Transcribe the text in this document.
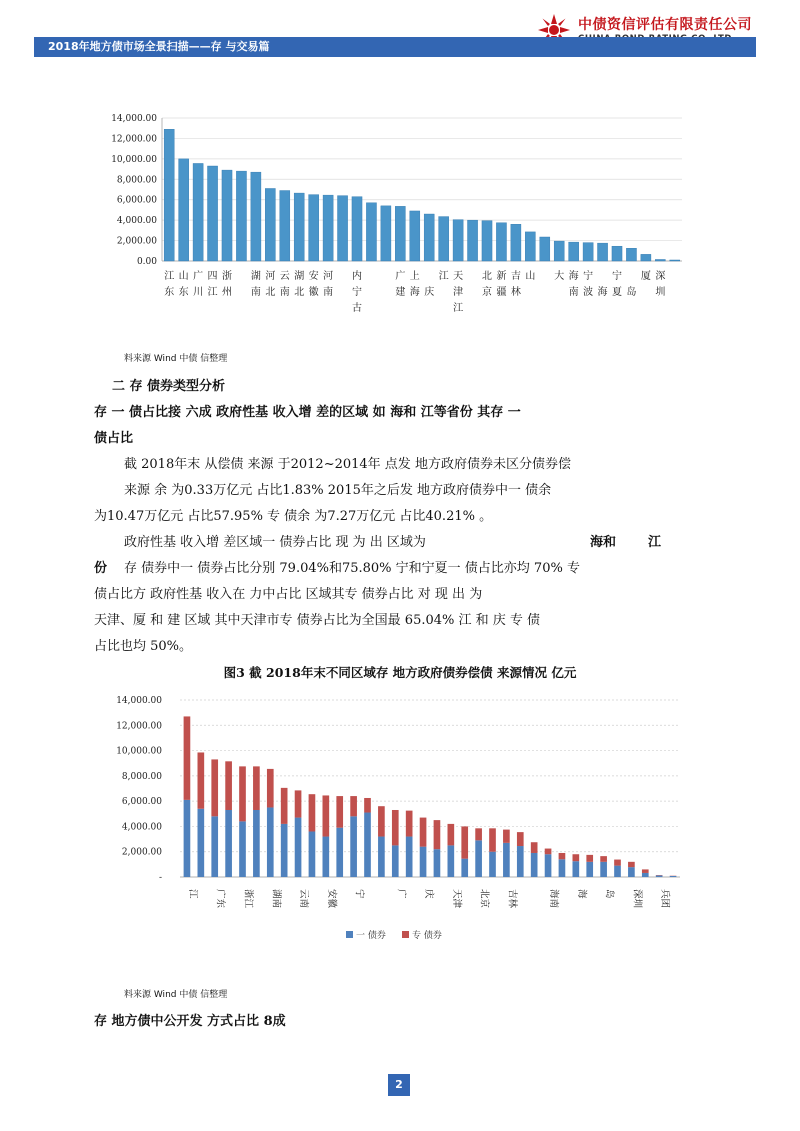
中债资信评估有限责任公司
2018年地方债市场全景扫描——存 与交易篇
0.00
2,000.00
4,000.00
6,000.00
8,000.00
10,000.00
12,000.00
14,000.00
江
东
山
东
广
川
四
江
浙
州
湖
南
河
北
云
南
湖
北
安
徽
河
南
内
宁
广 上
海 庆
江 天
津
北
京
新 吉 山 大 海
南
宁
波 海
宁
夏 岛
厦 深
圳
古	江
建	疆 林
料来源 Wind 中债 信整理
二 存 债券类型分析
存 一 债占比接 六成 政府性基 收入增 差的区域 如 海和 江等省份 其存 一
债占比
截 2018年末 从偿债 来源 于2012~2014年 点发 地方政府债券未区分债券偿
来源 余 为0.33万亿元 占比1.83% 2015年之后发 地方政府债券中一 债余
为10.47万亿元 占比57.95% 专 债余 为7.27万亿元 占比40.21% 。
政府性基 收入增 差区域一 债券占比 现 为 出 区域为	海和 江
份 存 债券中一 债券占比分别 79.04%和75.80% 宁和宁夏一 债占比亦均 70% 专
债占比方 政府性基 收入在 力中占比 区域其专 债券占比 对 现 出 为
天津、厦 和 建 区域 其中天津市专 债券占比为全国最 65.04% 江 和 庆 专 债
占比也均 50%。
图3 截 2018年末不同区域存 地方政府债券偿债 来源情况 亿元
-
2,000.00
4,000.00
6,000.00
8,000.00
10,000.00
12,000.00
14,000.00
江 广东 浙江 湖南 云南 安徽 宁	广 庆 天津 北京 吉林	海南 海 岛 深圳 兵团
一 债券	专 债券
料来源 Wind 中债 信整理
存 地方债中公开发 方式占比 8成
2
